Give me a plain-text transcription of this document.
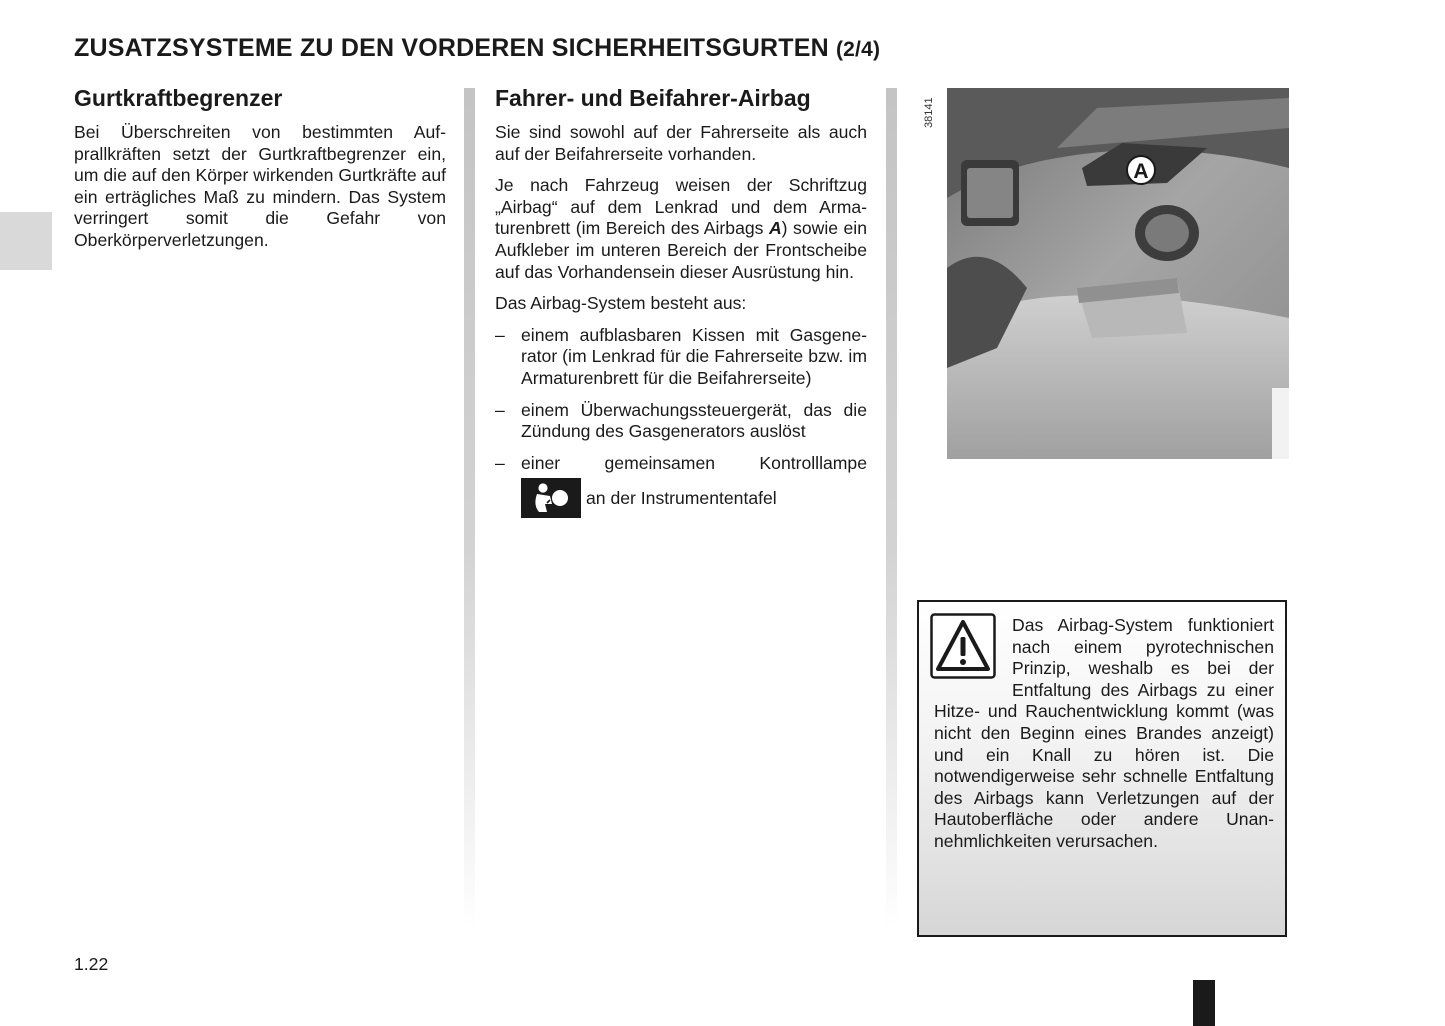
ZUSATZSYSTEME ZU DEN VORDEREN SICHERHEITSGURTEN (2/4)
Gurtkraftbegrenzer

Bei Überschreiten von bestimmten Aufprallkräften setzt der Gurtkraftbegrenzer ein, um die auf den Körper wirkenden Gurtkräfte auf ein erträgliches Maß zu mindern. Das System verringert somit die Gefahr von Oberkörperverletzungen.

Fahrer- und Beifahrer-Airbag

Sie sind sowohl auf der Fahrerseite als auch auf der Beifahrerseite vorhanden.

Je nach Fahrzeug weisen der Schriftzug „Airbag“ auf dem Lenkrad und dem Armaturenbrett (im Bereich des Airbags A) sowie ein Aufkleber im unteren Bereich der Frontscheibe auf das Vorhandensein dieser Ausrüstung hin.

Das Airbag-System besteht aus:

– einem aufblasbaren Kissen mit Gasgenerator (im Lenkrad für die Fahrerseite bzw. im Armaturenbrett für die Beifahrerseite)
– einem Überwachungssteuergerät, das die Zündung des Gasgenerators auslöst
– einer gemeinsamen Kontrolllampe
an der Instrumententafel
A
38141

Das Airbag-System funktioniert nach einem pyrotechnischen Prinzip, weshalb es bei der Entfaltung des Airbags zu einer Hitze- und Rauchentwicklung kommt (was nicht den Beginn eines Brandes anzeigt) und ein Knall zu hören ist. Die notwendigerweise sehr schnelle Entfaltung des Airbags kann Verletzungen auf der Hautoberfläche oder andere Unannehmlichkeiten verursachen.

1.22
